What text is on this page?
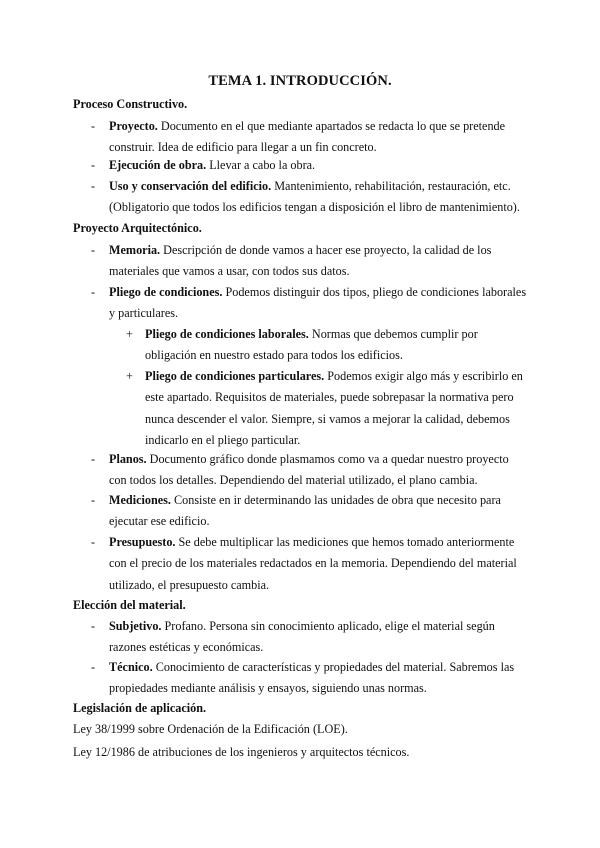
TEMA 1. INTRODUCCIÓN.
Proceso Constructivo.
- Proyecto. Documento en el que mediante apartados se redacta lo que se pretende construir. Idea de edificio para llegar a un fin concreto.
- Ejecución de obra. Llevar a cabo la obra.
- Uso y conservación del edificio. Mantenimiento, rehabilitación, restauración, etc. (Obligatorio que todos los edificios tengan a disposición el libro de mantenimiento).
Proyecto Arquitectónico.
- Memoria. Descripción de donde vamos a hacer ese proyecto, la calidad de los materiales que vamos a usar, con todos sus datos.
- Pliego de condiciones. Podemos distinguir dos tipos, pliego de condiciones laborales y particulares.
+ Pliego de condiciones laborales. Normas que debemos cumplir por obligación en nuestro estado para todos los edificios.
+ Pliego de condiciones particulares. Podemos exigir algo más y escribirlo en este apartado. Requisitos de materiales, puede sobrepasar la normativa pero nunca descender el valor. Siempre, si vamos a mejorar la calidad, debemos indicarlo en el pliego particular.
- Planos. Documento gráfico donde plasmamos como va a quedar nuestro proyecto con todos los detalles. Dependiendo del material utilizado, el plano cambia.
- Mediciones. Consiste en ir determinando las unidades de obra que necesito para ejecutar ese edificio.
- Presupuesto. Se debe multiplicar las mediciones que hemos tomado anteriormente con el precio de los materiales redactados en la memoria. Dependiendo del material utilizado, el presupuesto cambia.
Elección del material.
- Subjetivo. Profano. Persona sin conocimiento aplicado, elige el material según razones estéticas y económicas.
- Técnico. Conocimiento de características y propiedades del material. Sabremos las propiedades mediante análisis y ensayos, siguiendo unas normas.
Legislación de aplicación.
Ley 38/1999 sobre Ordenación de la Edificación (LOE).
Ley 12/1986 de atribuciones de los ingenieros y arquitectos técnicos.
